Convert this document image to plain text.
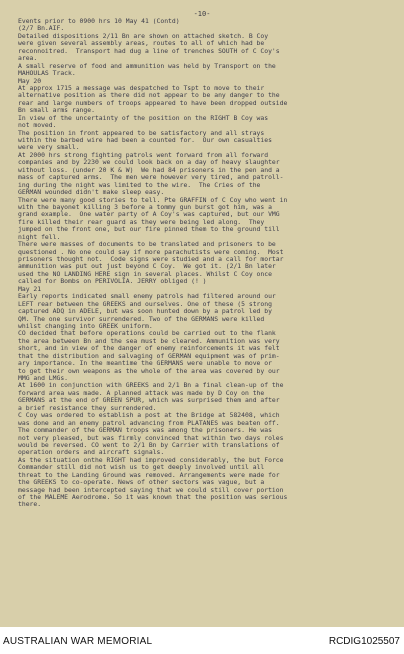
-10-
Events prior to 0900 hrs 10 May 41 (Contd)
(2/7 Bn.AIF.
Detailed dispositions 2/11 Bn are shown on attached sketch. B Coy
were given several assembly areas, routes to all of which had be
reconnoitred.  Transport had dug a line of trenches SOUTH of C Coy's
area.
A small reserve of food and ammunition was held by Transport on the
MAHOULAS Track.
May 20
At approx 1715 a message was despatched to Tspt to move to their
alternative position as there did not appear to be any danger to the
rear and large numbers of troops appeared to have been dropped outside
Bn small arms range.
In view of the uncertainty of the position on the RIGHT B Coy was
not moved.
The position in front appeared to be satisfactory and all strays
within the barbed wire had been a counted for.  Our own casualties
were very small.
At 2000 hrs strong fighting patrols went forward from all forward
companies and by 2230 we could look back on a day of heavy slaughter
without loss. (under 20 K & W)  We had 84 prisoners in the pen and a
mass of captured arms.  The men were however very tired, and patroll-
ing during the night was limited to the wire.  The Cries of the
GERMAN wounded didn't make sleep easy.
There were many good stories to tell. Pte GRAFFIN of C Coy who went in
with the bayonet killing 3 before a tommy gun burst got him, was a
grand example.  One water party of A Coy's was captured, but our VMG
fire killed their rear guard as they were being led along.  They
jumped on the front one, but our fire pinned them to the ground till
night fell.
There were masses of documents to be translated and prisoners to be
questioned . No one could say if more parachutists were coming.  Most
prisoners thought not.  Code signs were studied and a call for mortar
ammunition was put out just beyond C Coy.  We got it. (2/1 Bn later
used the NO LANDING HERE sign in several places. Whilst C Coy once
called for Bombs on PERIVOLIA. JERRY obliged (! )
May 21
Early reports indicated small enemy patrols had filtered around our
LEFT rear between the GREEKS and ourselves. One of these (5 strong
captured ADQ in ADELE, but was soon hunted down by a patrol led by
QM. The one survivor surrendered. Two of the GERMANS were killed
whilst changing into GREEK uniform.
CO decided that before operations could be carried out to the flank
the area between Bn and the sea must be cleared. Ammunition was very
short, and in view of the danger of enemy reinforcements it was felt
that the distribution and salvaging of GERMAN equipment was of prim-
ary importance. In the meantime the GERMANS were unable to move or
to get their own weapons as the whole of the area was covered by our
MMG and LMGs.
At 1600 in conjunction with GREEKS and 2/1 Bn a final clean-up of the
forward area was made. A planned attack was made by D Coy on the
GERMANS at the end of GREEN SPUR, which was surprised them and after
a brief resistance they surrendered.
C Coy was ordered to establish a post at the Bridge at 582408, which
was done and an enemy patrol advancing from PLATANES was beaten off.
The commander of the GERMAN troops was among the prisoners. He was
not very pleased, but was firmly convinced that within two days roles
would be reversed. CO went to 2/1 Bn by Carrier with translations of
operation orders and aircraft signals.
As the situation onthe RIGHT had improved considerably, the but Force
Commander still did not wish us to get deeply involved until all
threat to the Landing Ground was removed. Arrangements were made for
the GREEKS to co-operate. News of other sectors was vague, but a
message had been intercepted saying that we could still cover portion
of the MALEME Aerodrome. So it was known that the position was serious
there.
AUSTRALIAN WAR MEMORIAL	RCDIG1025507
